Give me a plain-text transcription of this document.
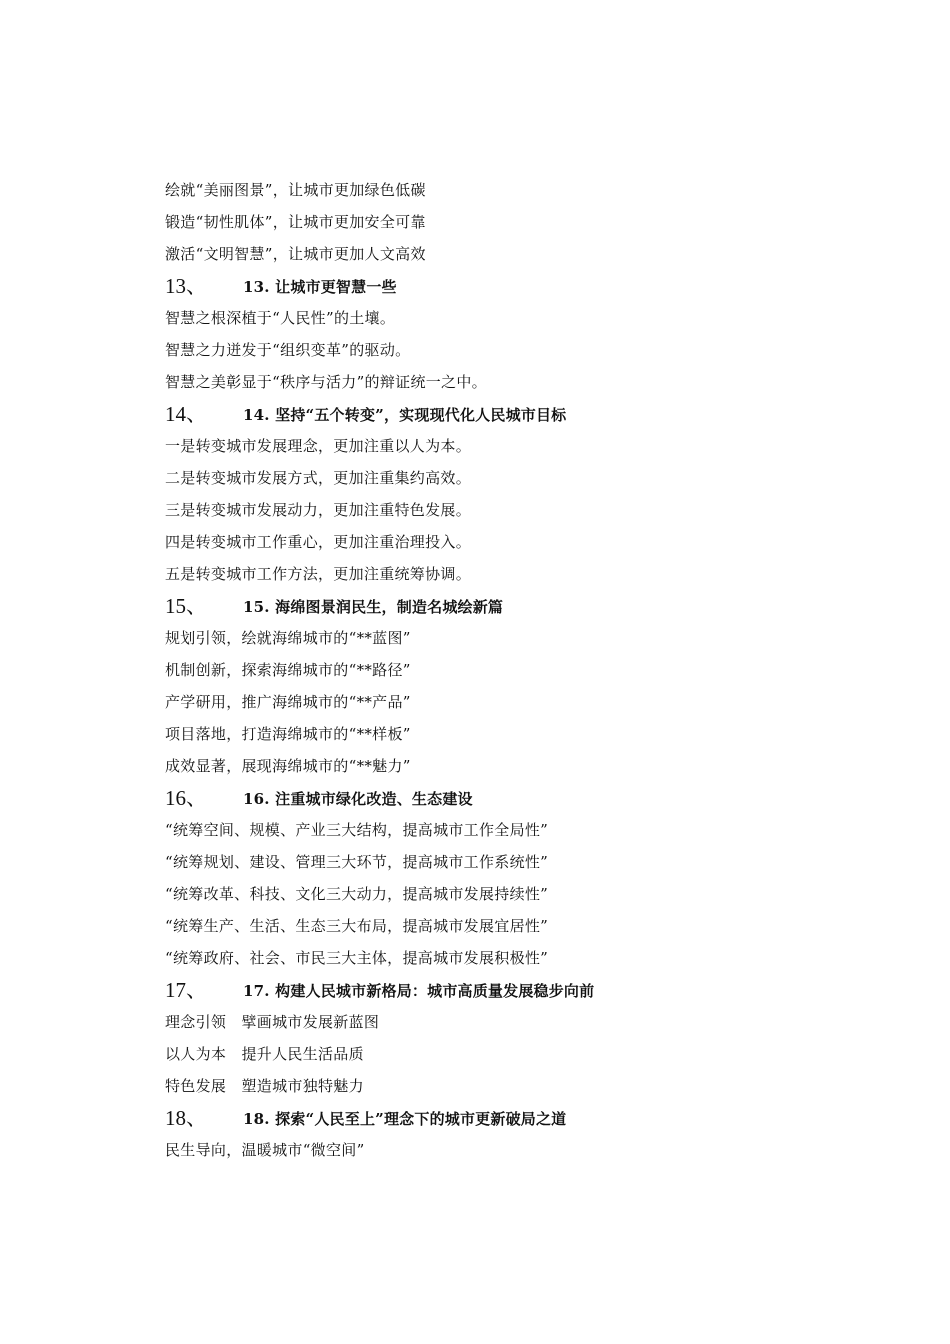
绘就“美丽图景”，让城市更加绿色低碳
锻造“韧性肌体”，让城市更加安全可靠
激活“文明智慧”，让城市更加人文高效
13、 13. 让城市更智慧一些
智慧之根深植于“人民性”的土壤。
智慧之力迸发于“组织变革”的驱动。
智慧之美彰显于“秩序与活力”的辩证统一之中。
14、 14. 坚持“五个转变”，实现现代化人民城市目标
一是转变城市发展理念，更加注重以人为本。
二是转变城市发展方式，更加注重集约高效。
三是转变城市发展动力，更加注重特色发展。
四是转变城市工作重心，更加注重治理投入。
五是转变城市工作方法，更加注重统筹协调。
15、 15. 海绵图景润民生，制造名城绘新篇
规划引领，绘就海绵城市的“**蓝图”
机制创新，探索海绵城市的“**路径”
产学研用，推广海绵城市的“**产品”
项目落地，打造海绵城市的“**样板”
成效显著，展现海绵城市的“**魅力”
16、 16. 注重城市绿化改造、生态建设
“统筹空间、规模、产业三大结构，提高城市工作全局性”
“统筹规划、建设、管理三大环节，提高城市工作系统性”
“统筹改革、科技、文化三大动力，提高城市发展持续性”
“统筹生产、生活、生态三大布局，提高城市发展宜居性”
“统筹政府、社会、市民三大主体，提高城市发展积极性”
17、 17. 构建人民城市新格局：城市高质量发展稳步向前
理念引领　擘画城市发展新蓝图
以人为本　提升人民生活品质
特色发展　塑造城市独特魅力
18、 18. 探索“人民至上”理念下的城市更新破局之道
民生导向，温暖城市“微空间”
